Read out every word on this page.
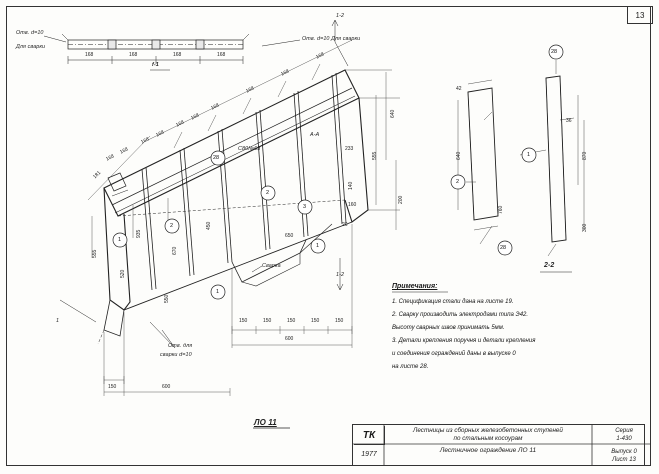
13
Отв. d=10
Для сварки
Отв. d=10 Для сварки
f-1
1-2
168	168	168	168
168
168
168
168
168
168
168
181
168
168
168	640
555
200
150	150	150	150	150
600
150	600
450
550
650
670
935
555
520
233
160
26
140
С80№63
А-А
Сварка
Отв. для
сварки d=10
1
1-2
1
2
2
3
1
1
28
ЛО 11
2
28
1
28
640
760
36
870
300
42
2-2
Примечания:
1. Спецификация стали дана на листе 19.
2. Сварку производить электродами типа Э42.
Высоту сварных швов принимать 5мм.
3. Детали крепления поручня и детали крепления
и соединения ограждений даны в выпуске 0
на листе 28.
ТК
1977
Лестницы из сборных железобетонных ступеней
по стальным косоурам
Лестничное ограждение ЛО 11
Серия
1-430
Выпуск 0
Лист 13
